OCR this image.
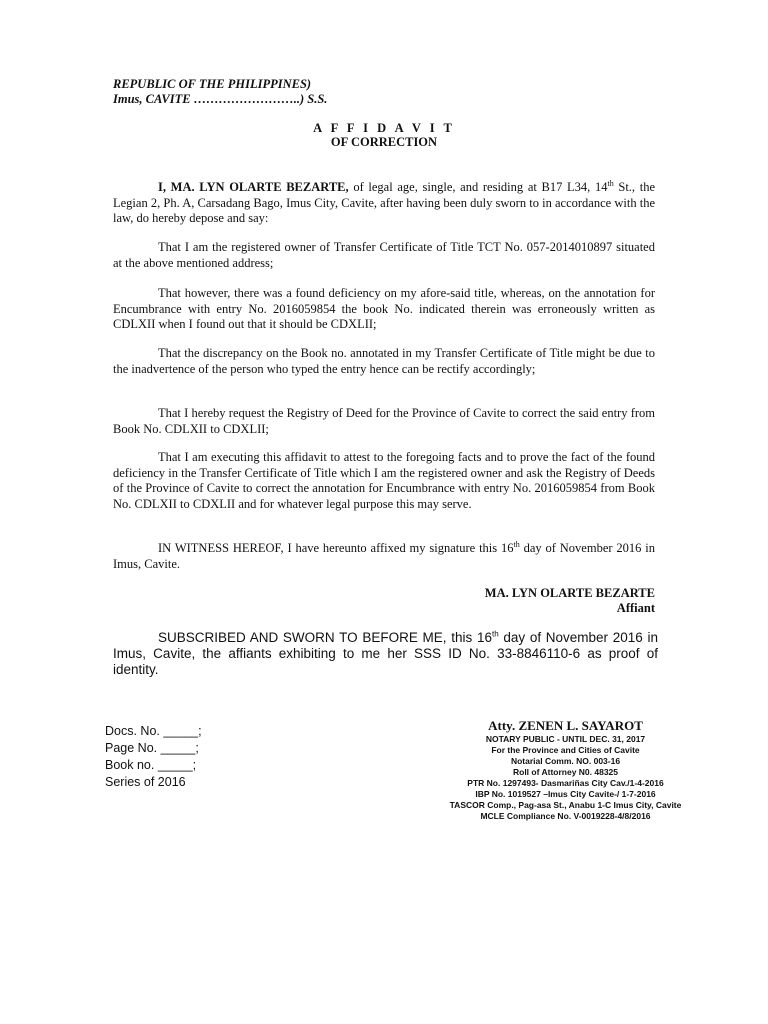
REPUBLIC OF THE PHILIPPINES)
Imus, CAVITE ……………………..) S.S.
A F F I D A V I T
OF CORRECTION

I, MA. LYN OLARTE BEZARTE, of legal age, single, and residing at B17 L34, 14th St., the Legian 2, Ph. A, Carsadang Bago, Imus City, Cavite, after having been duly sworn to in accordance with the law, do hereby depose and say:

That I am the registered owner of Transfer Certificate of Title TCT No. 057-2014010897 situated at the above mentioned address;

That however, there was a found deficiency on my afore-said title, whereas, on the annotation for Encumbrance with entry No. 2016059854 the book No. indicated therein was erroneously written as CDLXII when I found out that it should be CDXLII;

That the discrepancy on the Book no. annotated in my Transfer Certificate of Title might be due to the inadvertence of the person who typed the entry hence can be rectify accordingly;

That I hereby request the Registry of Deed for the Province of Cavite to correct the said entry from Book No. CDLXII to CDXLII;

That I am executing this affidavit to attest to the foregoing facts and to prove the fact of the found deficiency in the Transfer Certificate of Title which I am the registered owner and ask the Registry of Deeds of the Province of Cavite to correct the annotation for Encumbrance with entry No. 2016059854 from Book No. CDLXII to CDXLII and for whatever legal purpose this may serve.

IN WITNESS HEREOF, I have hereunto affixed my signature this 16th day of November 2016 in Imus, Cavite.

MA. LYN OLARTE BEZARTE
Affiant

SUBSCRIBED AND SWORN TO BEFORE ME, this 16th day of November 2016 in Imus, Cavite, the affiants exhibiting to me her SSS ID No. 33-8846110-6 as proof of identity.

Docs. No. _____;
Page No. _____;
Book no. _____;
Series of 2016
Atty. ZENEN L. SAYAROT
NOTARY PUBLIC - UNTIL DEC. 31, 2017
For the Province and Cities of Cavite
Notarial Comm. NO. 003-16
Roll of Attorney N0. 48325
PTR No. 1297493- Dasmariñas City Cav./1-4-2016
IBP No. 1019527 –Imus City Cavite-/ 1-7-2016
TASCOR Comp., Pag-asa St., Anabu 1-C Imus City, Cavite
MCLE Compliance No. V-0019228-4/8/2016
